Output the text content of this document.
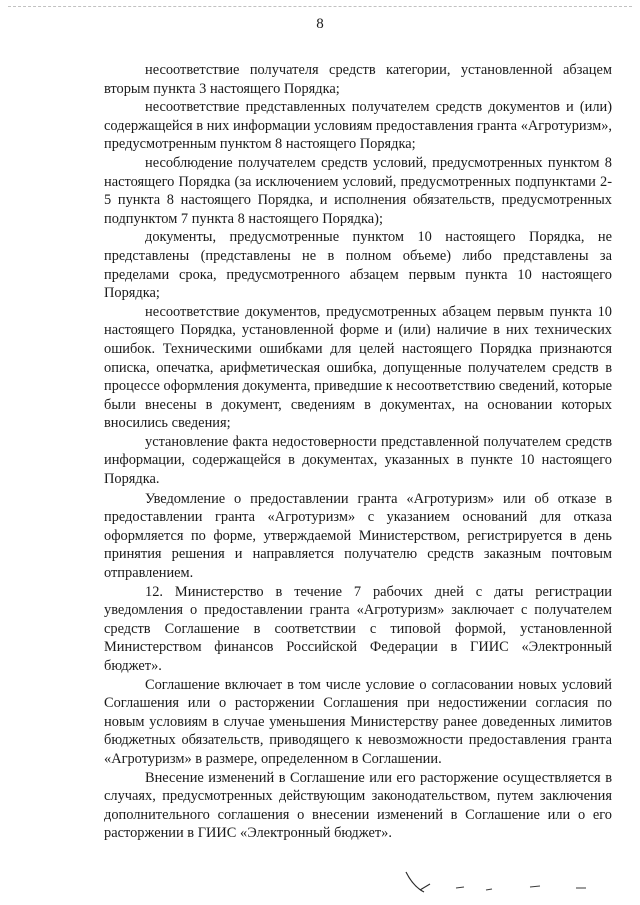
8

несоответствие получателя средств категории, установленной абзацем вторым пункта 3 настоящего Порядка;

несоответствие представленных получателем средств документов и (или) содержащейся в них информации условиям предоставления гранта «Агротуризм», предусмотренным пунктом 8 настоящего Порядка;

несоблюдение получателем средств условий, предусмотренных пунктом 8 настоящего Порядка (за исключением условий, предусмотренных подпунктами 2-5 пункта 8 настоящего Порядка, и исполнения обязательств, предусмотренных подпунктом 7 пункта 8 настоящего Порядка);

документы, предусмотренные пунктом 10 настоящего Порядка, не представлены (представлены не в полном объеме) либо представлены за пределами срока, предусмотренного абзацем первым пункта 10 настоящего Порядка;

несоответствие документов, предусмотренных абзацем первым пункта 10 настоящего Порядка, установленной форме и (или) наличие в них технических ошибок. Техническими ошибками для целей настоящего Порядка признаются описка, опечатка, арифметическая ошибка, допущенные получателем средств в процессе оформления документа, приведшие к несоответствию сведений, которые были внесены в документ, сведениям в документах, на основании которых вносились сведения;

установление факта недостоверности представленной получателем средств информации, содержащейся в документах, указанных в пункте 10 настоящего Порядка.

Уведомление о предоставлении гранта «Агротуризм» или об отказе в предоставлении гранта «Агротуризм» с указанием оснований для отказа оформляется по форме, утверждаемой Министерством, регистрируется в день принятия решения и направляется получателю средств заказным почтовым отправлением.

12. Министерство в течение 7 рабочих дней с даты регистрации уведомления о предоставлении гранта «Агротуризм» заключает с получателем средств Соглашение в соответствии с типовой формой, установленной Министерством финансов Российской Федерации в ГИИС «Электронный бюджет».

Соглашение включает в том числе условие о согласовании новых условий Соглашения или о расторжении Соглашения при недостижении согласия по новым условиям в случае уменьшения Министерству ранее доведенных лимитов бюджетных обязательств, приводящего к невозможности предоставления гранта «Агротуризм» в размере, определенном в Соглашении.

Внесение изменений в Соглашение или его расторжение осуществляется в случаях, предусмотренных действующим законодательством, путем заключения дополнительного соглашения о внесении изменений в Соглашение или о его расторжении в ГИИС «Электронный бюджет».
